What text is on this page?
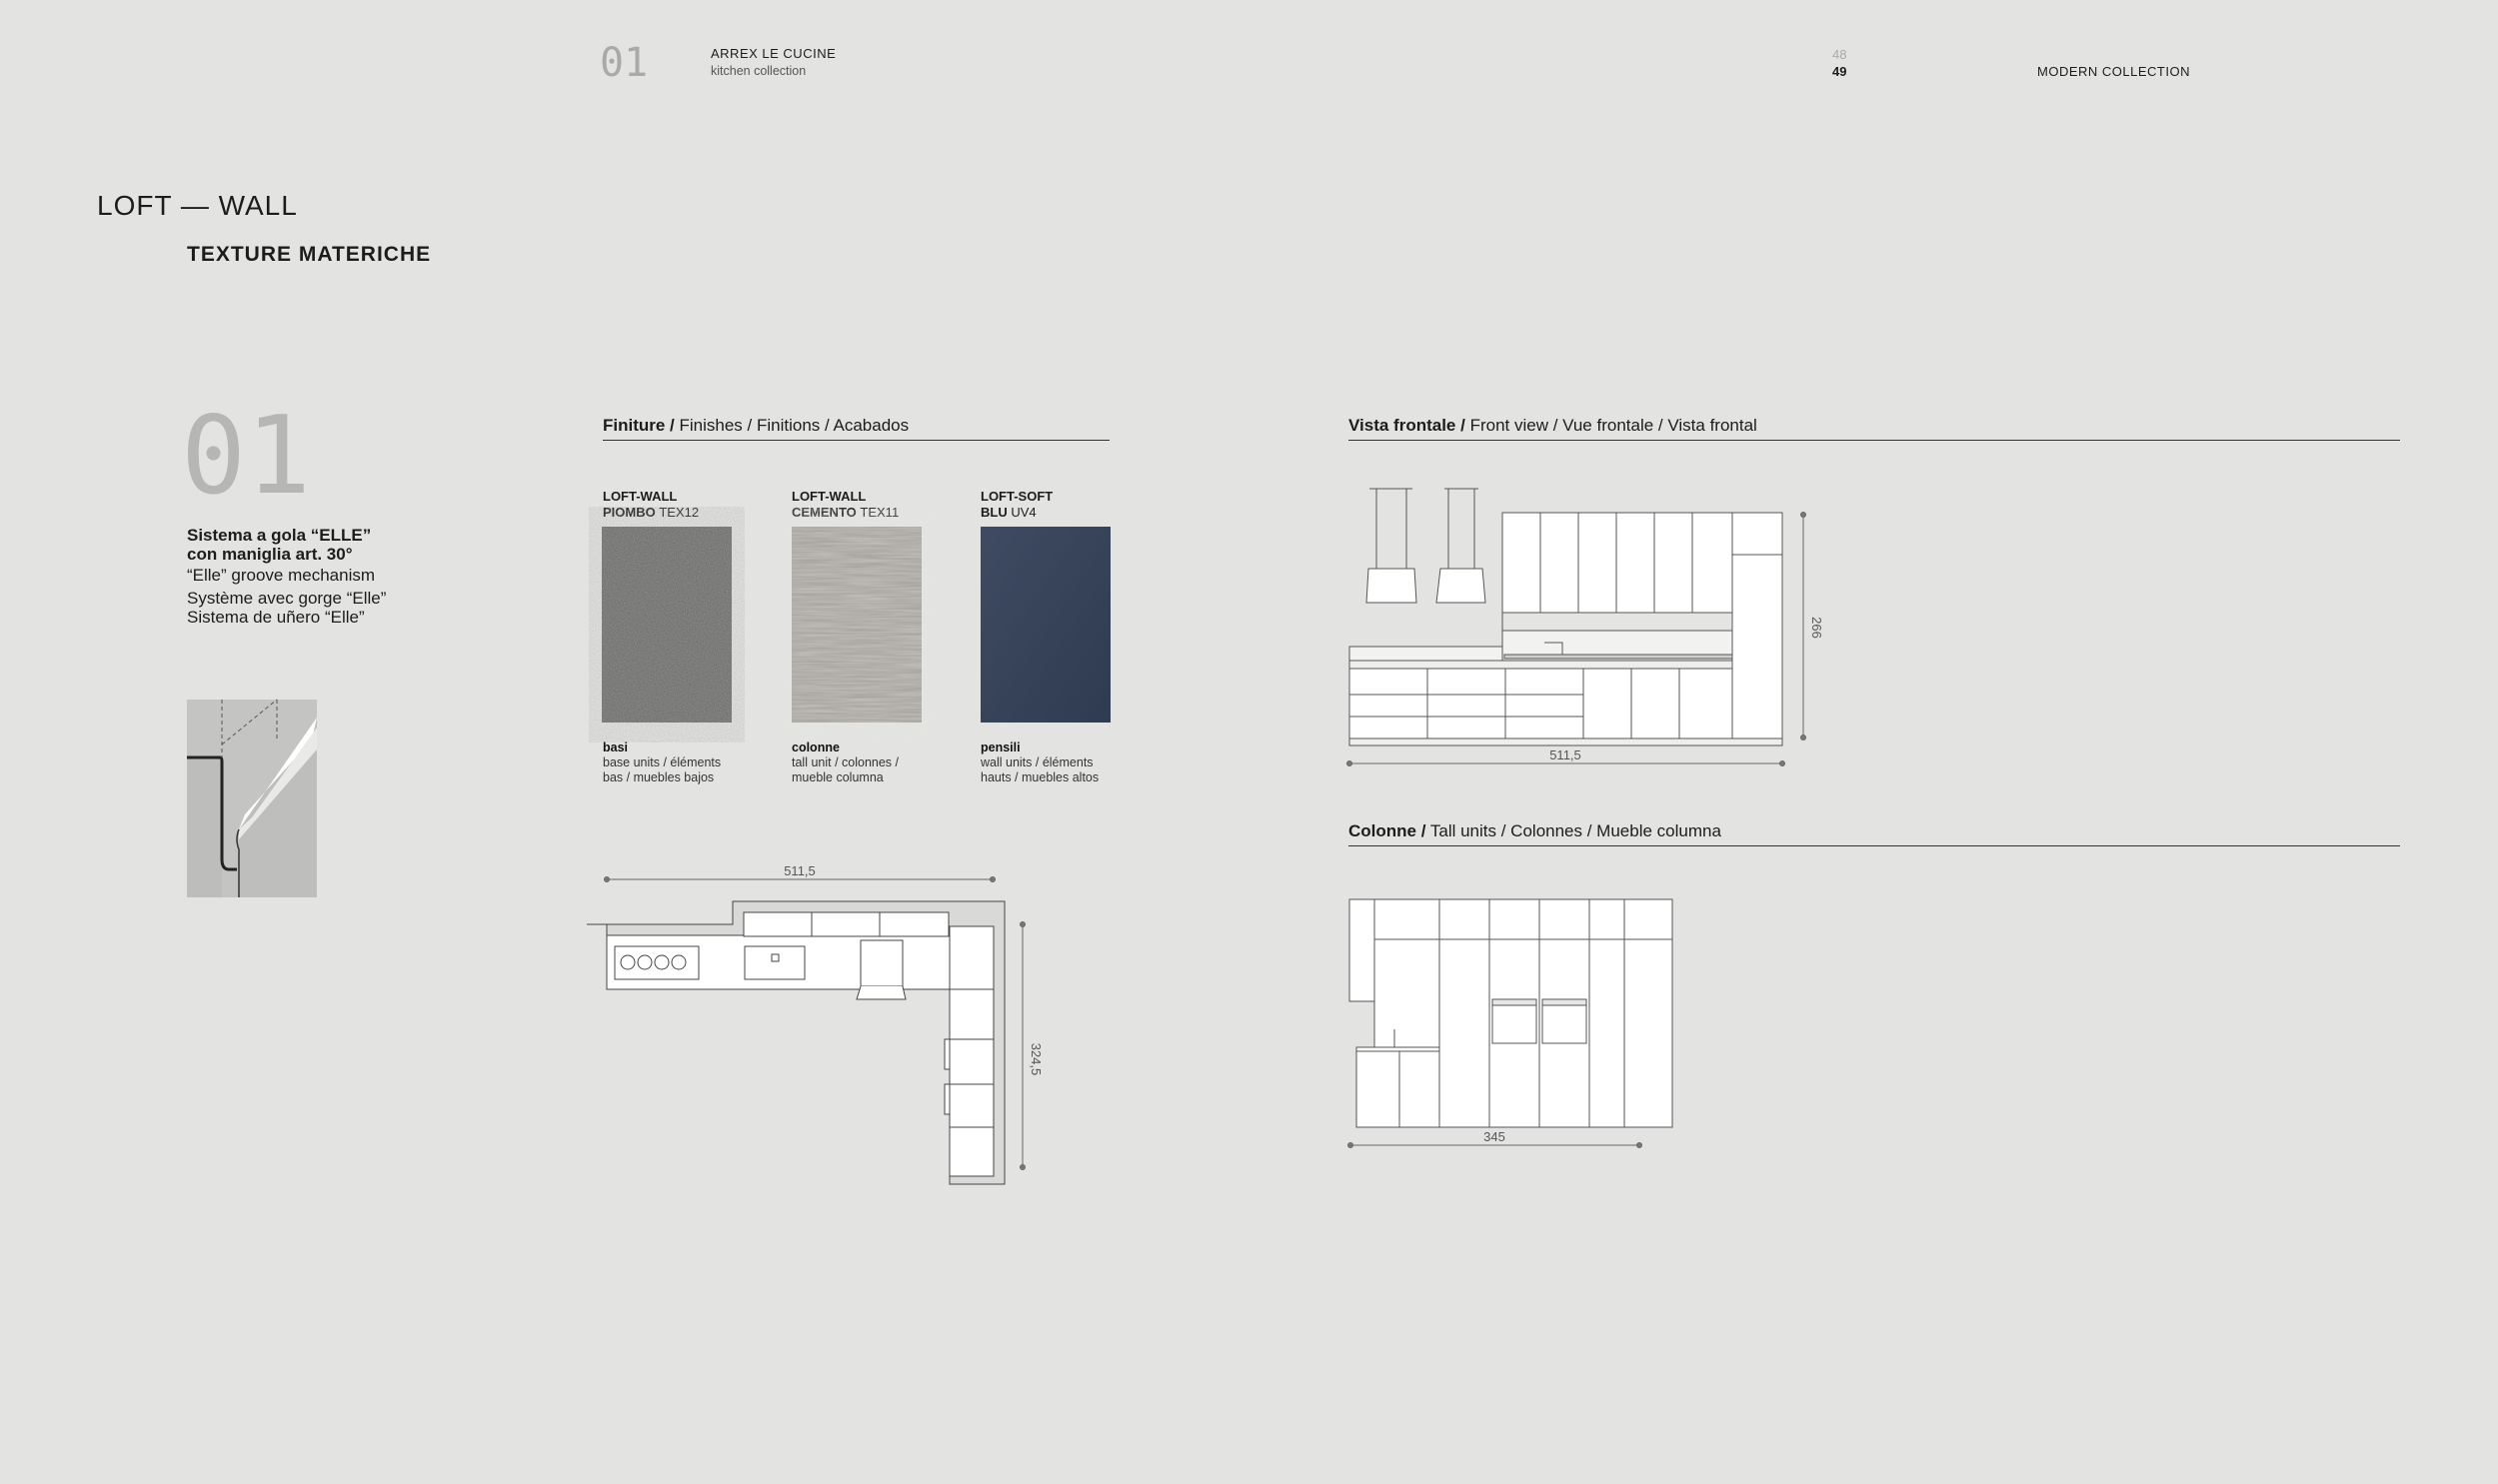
01	ARREX LE CUCINE
kitchen collection
48
49	MODERN COLLECTION
LOFT — WALL
TEXTURE MATERICHE
01
Sistema a gola “ELLE”
con maniglia art. 30°
“Elle” groove mechanism
Système avec gorge “Elle”
Sistema de uñero “Elle”
Finiture / Finishes / Finitions / Acabados
LOFT-WALL
PIOMBO TEX12
basi
base units / éléments
bas / muebles bajos
LOFT-WALL
CEMENTO TEX11
colonne
tall unit / colonnes /
mueble columna
LOFT-SOFT
BLU UV4
pensili
wall units / éléments
hauts / muebles altos
511,5
324,5
Vista frontale / Front view / Vue frontale / Vista frontal
511,5
266
Colonne / Tall units / Colonnes / Mueble columna
345
